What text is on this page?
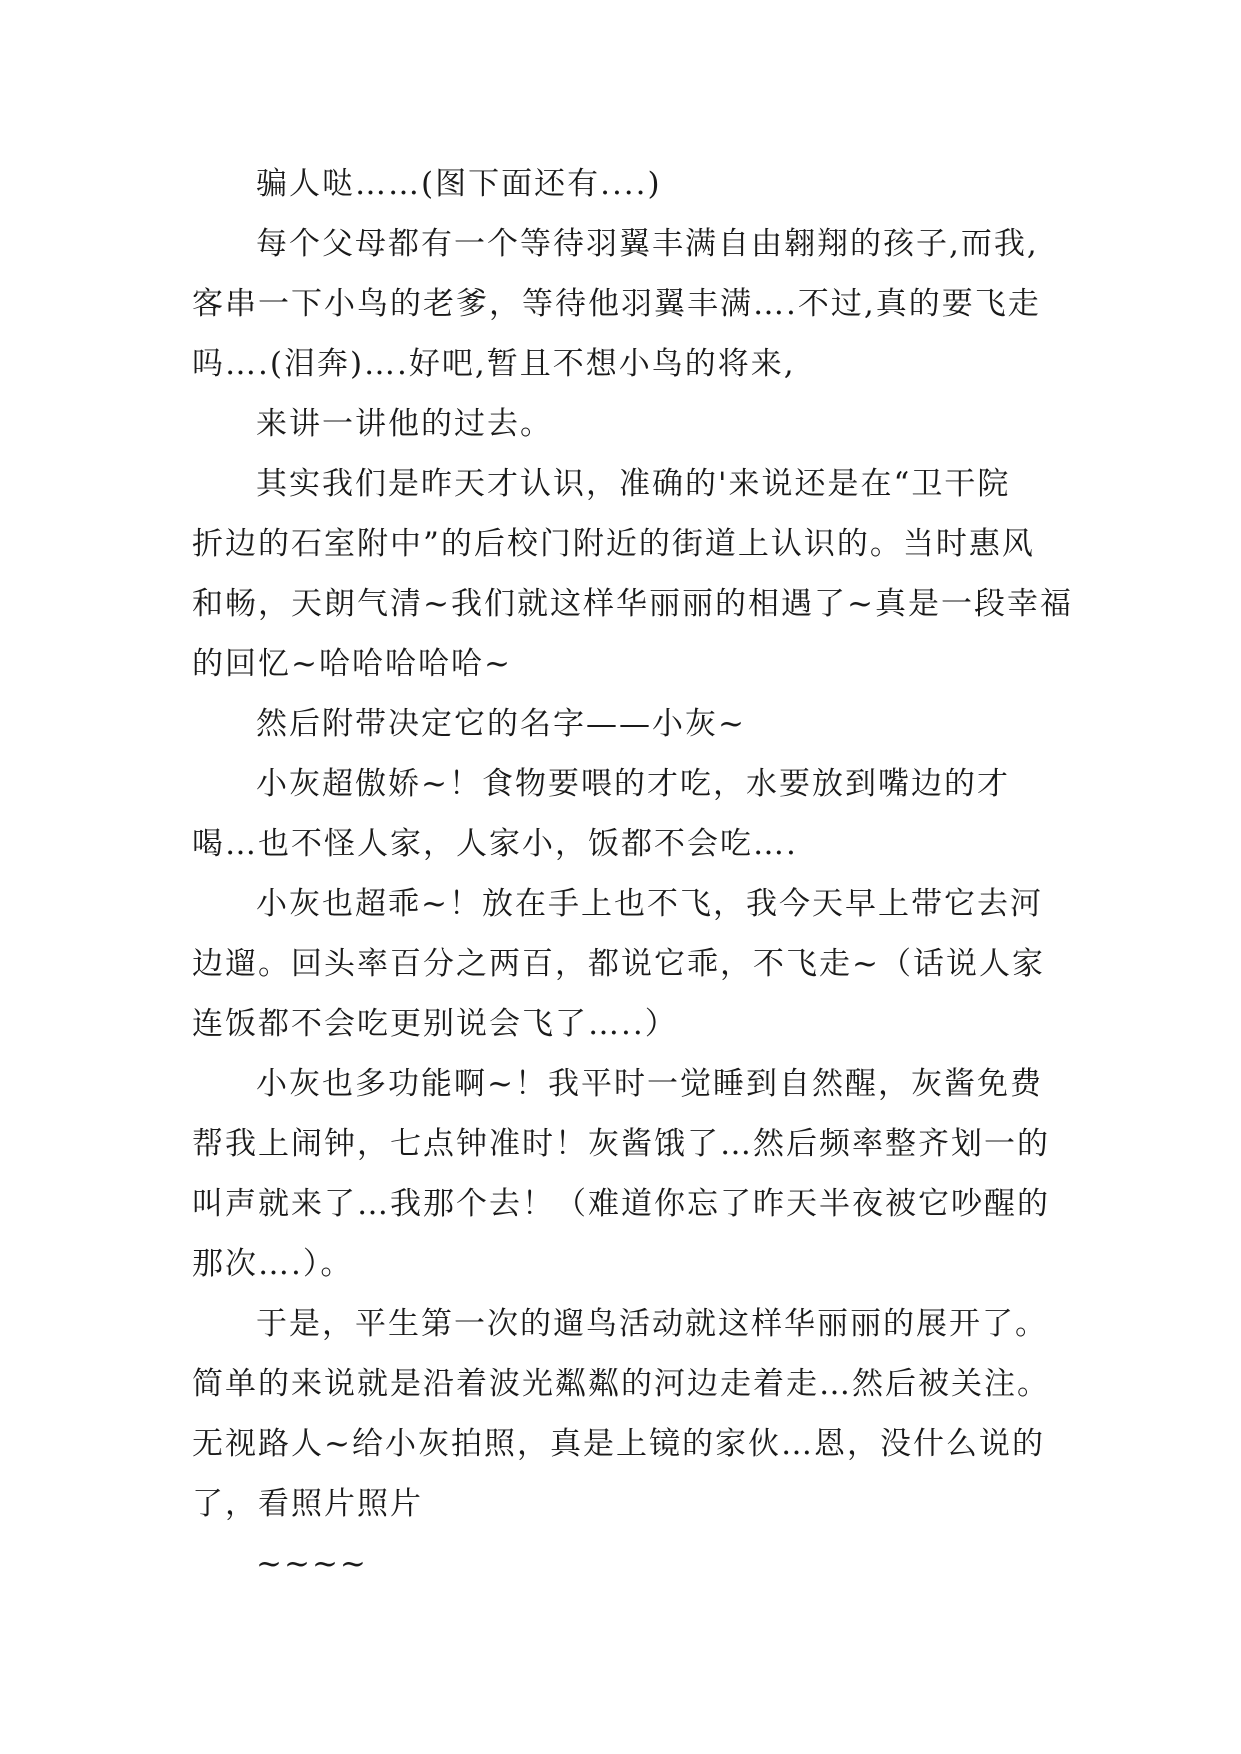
骗人哒……(图下面还有....)
每个父母都有一个等待羽翼丰满自由翱翔的孩子,而我,
客串一下小鸟的老爹，等待他羽翼丰满….不过,真的要飞走
吗….(泪奔)….好吧,暂且不想小鸟的将来,
来讲一讲他的过去。
其实我们是昨天才认识，准确的'来说还是在“卫干院
折边的石室附中”的后校门附近的街道上认识的。当时惠风
和畅，天朗气清~我们就这样华丽丽的相遇了~真是一段幸福
的回忆~哈哈哈哈哈~
然后附带决定它的名字——小灰~
小灰超傲娇~！食物要喂的才吃，水要放到嘴边的才
喝…也不怪人家，人家小，饭都不会吃….
小灰也超乖~！放在手上也不飞，我今天早上带它去河
边遛。回头率百分之两百，都说它乖，不飞走~（话说人家
连饭都不会吃更别说会飞了…..）
小灰也多功能啊~！我平时一觉睡到自然醒，灰酱免费
帮我上闹钟，七点钟准时！灰酱饿了…然后频率整齐划一的
叫声就来了…我那个去！（难道你忘了昨天半夜被它吵醒的
那次….）。
于是，平生第一次的遛鸟活动就这样华丽丽的展开了。
简单的来说就是沿着波光粼粼的河边走着走…然后被关注。
无视路人~给小灰拍照，真是上镜的家伙…恩，没什么说的
了，看照片照片
~~~~
